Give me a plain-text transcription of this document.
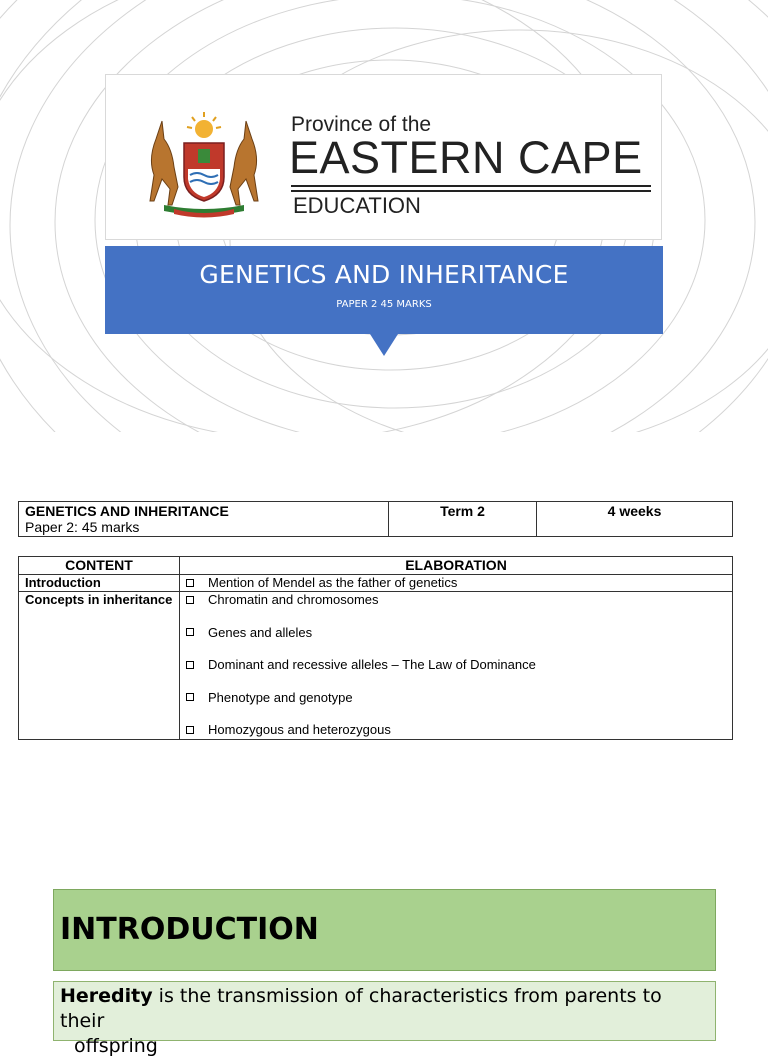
Province of the
EASTERN CAPE
EDUCATION
GENETICS AND INHERITANCE
PAPER 2 45 MARKS
GENETICS AND INHERITANCE
Paper 2: 45 marks	Term 2	4 weeks
CONTENT	ELABORATION
Introduction	Mention of Mendel as the father of genetics
Concepts in inheritance	Chromatin and chromosomes
Genes and alleles
Dominant and recessive alleles – The Law of Dominance
Phenotype and genotype
Homozygous and heterozygous
INTRODUCTION

Heredity is the transmission of characteristics from parents to their
offspring
